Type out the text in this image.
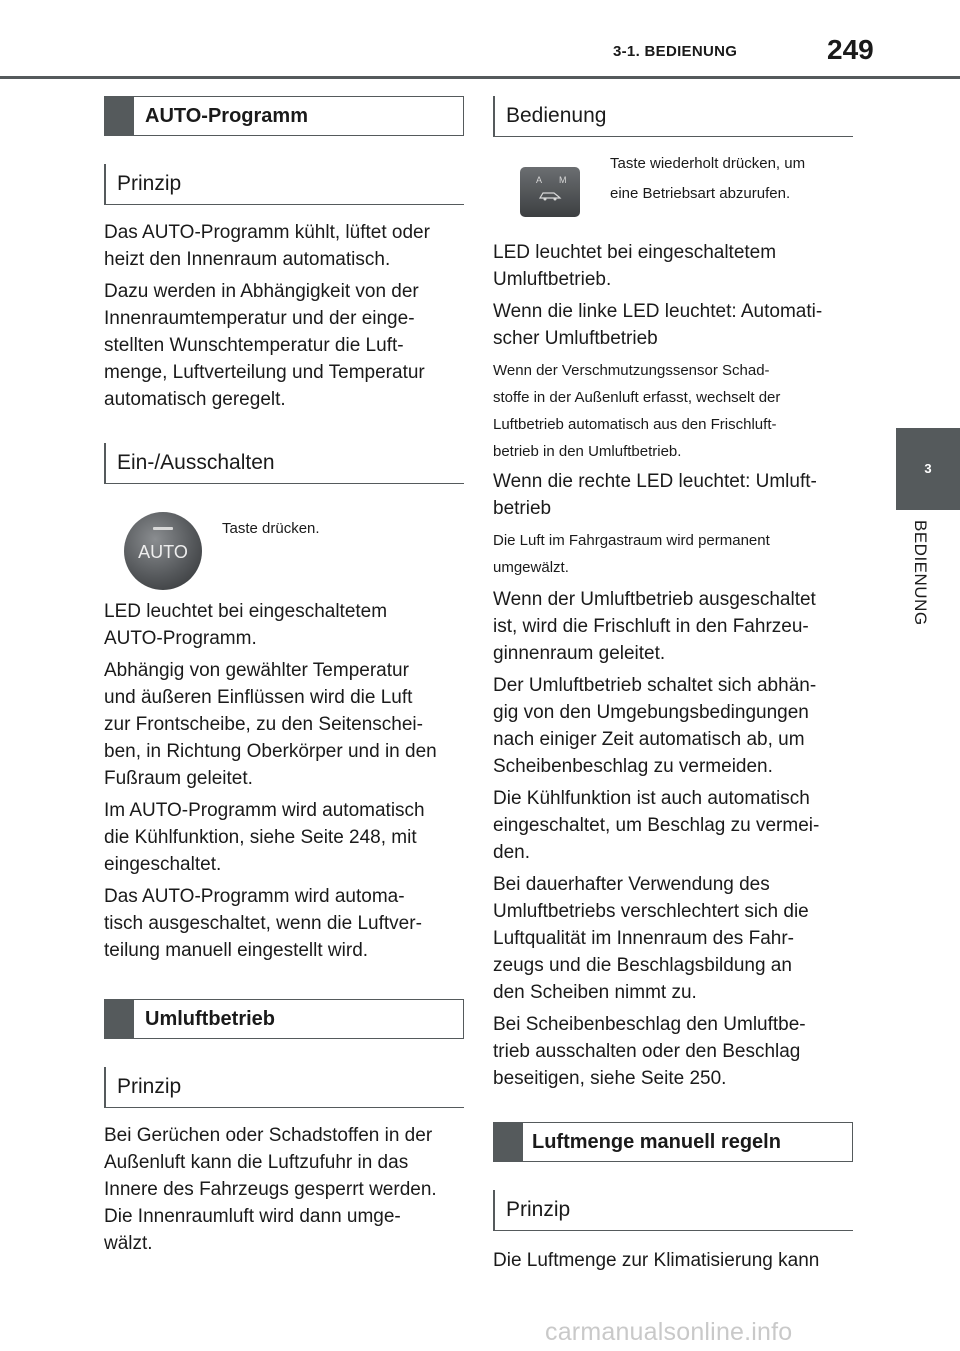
3-1. BEDIENUNG	249
3
BEDIENUNG
AUTO-Programm
Prinzip

Das AUTO-Programm kühlt, lüftet oder
heizt den Innenraum automatisch.

Dazu werden in Abhängigkeit von der
Innenraumtemperatur und der einge-
stellten Wunschtemperatur die Luft-
menge, Luftverteilung und Temperatur
automatisch geregelt.

Ein-/Ausschalten
AUTO
Taste drücken.

LED leuchtet bei eingeschaltetem
AUTO-Programm.

Abhängig von gewählter Temperatur
und äußeren Einflüssen wird die Luft
zur Frontscheibe, zu den Seitenschei-
ben, in Richtung Oberkörper und in den
Fußraum geleitet.

Im AUTO-Programm wird automatisch
die Kühlfunktion, siehe Seite 248, mit
eingeschaltet.

Das AUTO-Programm wird automa-
tisch ausgeschaltet, wenn die Luftver-
teilung manuell eingestellt wird.

Umluftbetrieb
Prinzip

Bei Gerüchen oder Schadstoffen in der
Außenluft kann die Luftzufuhr in das
Innere des Fahrzeugs gesperrt werden.
Die Innenraumluft wird dann umge-
wälzt.

Bedienung
A M
Taste wiederholt drücken, um
eine Betriebsart abzurufen.

LED leuchtet bei eingeschaltetem
Umluftbetrieb.

Wenn die linke LED leuchtet: Automati-
scher Umluftbetrieb

Wenn der Verschmutzungssensor Schad-
stoffe in der Außenluft erfasst, wechselt der
Luftbetrieb automatisch aus den Frischluft-
betrieb in den Umluftbetrieb.

Wenn die rechte LED leuchtet: Umluft-
betrieb

Die Luft im Fahrgastraum wird permanent
umgewälzt.

Wenn der Umluftbetrieb ausgeschaltet
ist, wird die Frischluft in den Fahrzeu-
ginnenraum geleitet.

Der Umluftbetrieb schaltet sich abhän-
gig von den Umgebungsbedingungen
nach einiger Zeit automatisch ab, um
Scheibenbeschlag zu vermeiden.

Die Kühlfunktion ist auch automatisch
eingeschaltet, um Beschlag zu vermei-
den.

Bei dauerhafter Verwendung des
Umluftbetriebs verschlechtert sich die
Luftqualität im Innenraum des Fahr-
zeugs und die Beschlagsbildung an
den Scheiben nimmt zu.

Bei Scheibenbeschlag den Umluftbe-
trieb ausschalten oder den Beschlag
beseitigen, siehe Seite 250.

Luftmenge manuell regeln
Prinzip

Die Luftmenge zur Klimatisierung kann

carmanualsonline.info
